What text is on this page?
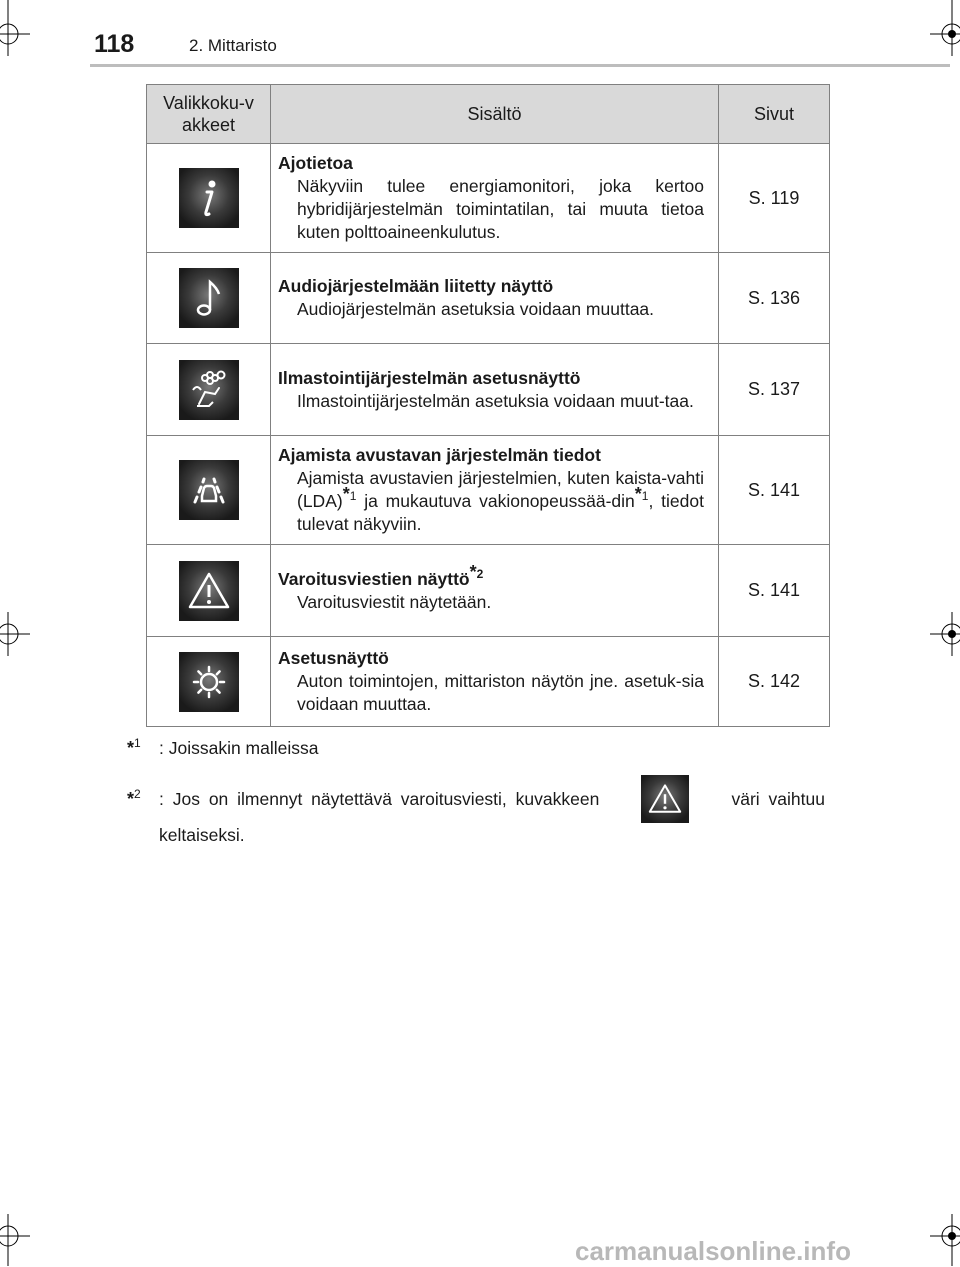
118	2. Mittaristo
Valikkoku-vakkeet	Sisältö	Sivut

Ajotietoa
Näkyviin tulee energiamonitori, joka kertoo hybridijärjestelmän toimintatilan, tai muuta tietoa kuten polttoaineenkulutus.	S. 119

Audiojärjestelmään liitetty näyttö
Audiojärjestelmän asetuksia voidaan muuttaa.	S. 136

Ilmastointijärjestelmän asetusnäyttö
Ilmastointijärjestelmän asetuksia voidaan muut-taa.	S. 137

Ajamista avustavan järjestelmän tiedot
Ajamista avustavien järjestelmien, kuten kaista-vahti (LDA)$^{*1}$ ja mukautuva vakionopeussää-din$^{*1}$, tiedot tulevat näkyviin.	S. 141

Varoitusviestien näyttö$^{*2}$
Varoitusviestit näytetään.	S. 141

Asetusnäyttö
Auton toimintojen, mittariston näytön jne. asetuk-sia voidaan muuttaa.	S. 142
*$^1$ : Joissakin malleissa
*$^2$ : Jos on ilmennyt näytettävä varoitusviesti, kuvakkeen	väri vaihtuu
keltaiseksi.
carmanualsonline.info
